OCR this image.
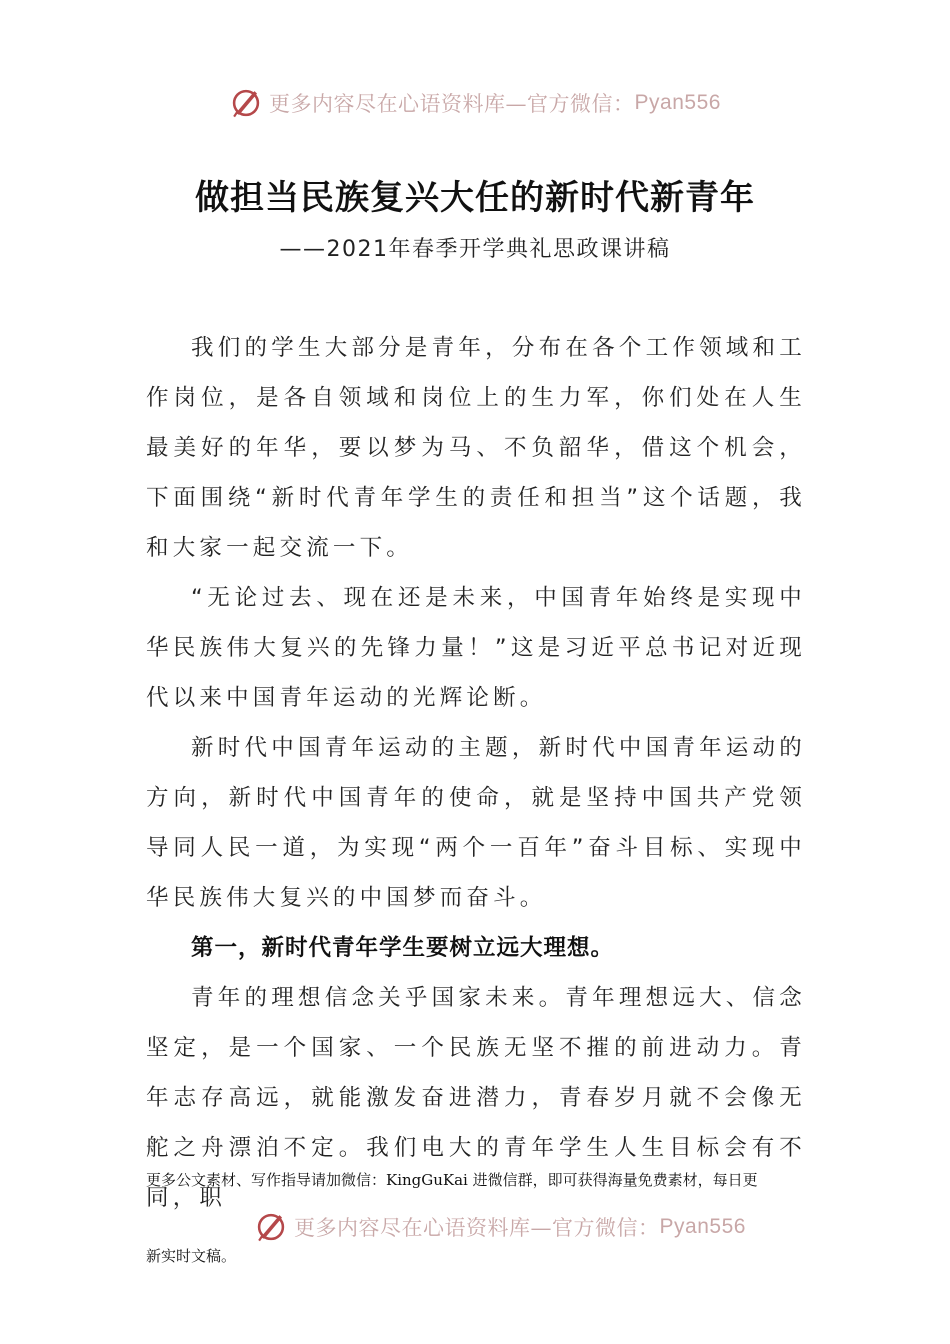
更多内容尽在心语资料库—官方微信： Pyan556
做担当民族复兴大任的新时代新青年
——2021年春季开学典礼思政课讲稿

我们的学生大部分是青年，分布在各个工作领域和工作岗位，是各自领域和岗位上的生力军，你们处在人生最美好的年华，要以梦为马、不负韶华，借这个机会，下面围绕“新时代青年学生的责任和担当”这个话题，我和大家一起交流一下。

“无论过去、现在还是未来，中国青年始终是实现中华民族伟大复兴的先锋力量！”这是习近平总书记对近现代以来中国青年运动的光辉论断。

新时代中国青年运动的主题，新时代中国青年运动的方向，新时代中国青年的使命，就是坚持中国共产党领导同人民一道，为实现“两个一百年”奋斗目标、实现中华民族伟大复兴的中国梦而奋斗。

第一，新时代青年学生要树立远大理想。

青年的理想信念关乎国家未来。青年理想远大、信念坚定，是一个国家、一个民族无坚不摧的前进动力。青年志存高远，就能激发奋进潜力，青春岁月就不会像无舵之舟漂泊不定。我们电大的青年学生人生目标会有不同，职

更多公文素材、写作指导请加微信：KingGuKai 进微信群，即可获得海量免费素材，每日更
更多内容尽在心语资料库—官方微信： Pyan556
新实时文稿。
